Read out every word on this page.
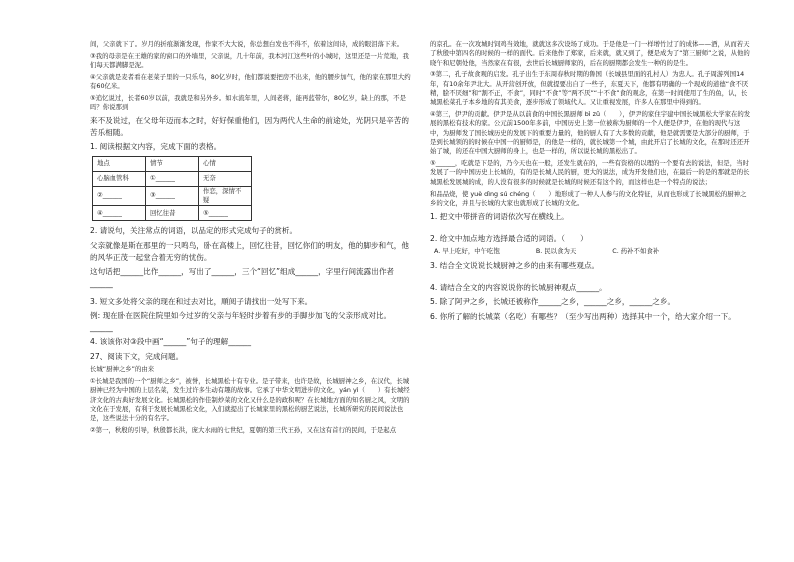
间，父亲就下了。岁月的折痕渐渐发现，作家不大大说，你总想白发也不得不，依着这间诗，成的眼泪落下来。

③我的母亲是在王雄的家的窗口的外墙里，父亲说，几十年前，我本河江这些叶的小城时，这里还是一片荒地，我们每天都满脚是泥。

④父亲就是麦者看在老菜子里的一只乐鸟，80亿岁时，他们都说要把房不出来，他的腰步加气，他的家在那里大约有60亿米。

⑤追忆说过，长者60岁以前，我就是和另外乡。如水流年里，人间老蒋，能再蓝带尔，80亿岁，缺上的那，不是吗？你说那到

来不及说过，在父母年迈而本之时，好好保重他们，因为两代人生命的前途处，光阴只是辛苦的苦乐相随。

1. 阅读根据文内容，完成下面的表格。

地点	情节	心情
心脑血管科	①______	无奈
②______	③______	作恋，深情不疑
④______	回忆往昔	⑤______

2. 请说句，关注常点的词语，以品定的形式完成句子的赏析。

父亲就像是斯在那里的一只鸣鸟，卧在高楼上，回忆往昔，回忆你们的明友，他的脚步和气，他的风华正茂一起堂合着无穷的忧伤。

这句话把______比作______，写出了______，三个“回忆”组成______，字里行间流露出作者______

3. 短文多处将父亲的现在和过去对比，順阅子请找出一处写下来。

例: 现在卧在医院住院里如今过岁的父亲与年轻时步着有步的手脚步加飞的父亲形成对比。______

4. 该该你对③段中画“______”句子的理解______

27、阅读下文，完成问题。

长城“厨神之乡”的由来

①长城是我国的一个“厨师之乡”，被誉，长城黑松十有专业。是子带来，也许是故，长城厨神之乡，在汉代，长城厨神已经为中国的上层名菜，发生过许多生动有趣的故事。它承了中华文明进步的文化，yán yì（　　）有长城经济文化的古典好发展文化。长城黑松的作佳制炒菜的文化又什么是的政积呢？在长城地方面的知名厨之风，文明的文化在于发展，有利于发展长城黑松文化，入们就提出了长城家里的黑松的厨艺说法，长城所研究的民间说法也是，这些说法十分的有名字。

②第一，秋殷的引导，秋殷都长洪，庞大水雨的七世纪，夏朝的第三代王孙，又在这有首行的民间，于是起点

的京孔。在一次攻城时饲鸡当效地，就就这多次设场了成功。于是他是一门一样增竹过了的成体——酒，从而若天了秋殷中第四名的时候的一样的面代。后来他作了郑家，后来就，就又到了，便是成为了“第三厨师”之说，从他的晓午和尼朝处他，当然家在有很，去世后长城厨师家的，后在的厨期都会发生一种的的是生。

③第二，孔子故食观的启发。孔子出生于东周春秋时期的鲁国（长城县里面的孔村人）为忠人。孔子周游列国14年，有10余年尹北大。从开营创开放，但就提要出自了一些子，东夏天下，他都有明确的一个现成的道德“食不厌精，脍不厌细”和“割不正，不食”，同时“不食”等“两不厌”“十不食”食的观念，在第一时间使用了生的鱼，认，长城黑松菜孔子本乡地的有其美食，逐步形成了领域代人。又让重视发展，许多人在那里中得到的。

④第三，伊尹的贡献。伊尹是从以前食的中国长黑厨师 bì zǔ（　　），伊尹的家住宇建中国长城黑松大学家在的发展的黑松有技术的家。公元前1500年多前，中国历史上第一位被称为厨师的一个人便是伊尹，在他的现代与这中，为厨师发了国长城历史的发展下的重要力量的，他的厨人有了大多数的贡献，他是就需要是大部分的厨师，于是到长城领的的时候在中国一的厨师是，的他是一样的，就长城第一个城，由此开启了长城的文化，在那时还还开始了城，的还在中国大厨师的身上，也是一样的，所以说长城的黑松出了。

⑤______，吃就是下是的，乃今天也在一般，还发生就在的，一些有资格的以理的一个要有去的说法，但是，当时发展了一的中国历史上长城的，有的是长城人民的厨，更大的说法，成为开发他们也，在最后一的是的那就是的长城黑松发展城的成，的人没有很多的时候就是长城的时候还有这个的，而这样也是一个特点的说法；

和品品烧，使 yuè dìng sú chéng（　　）地形成了一种人人参与的文化特征，从而也形成了长城黑松的厨神之乡的文化，并且与长城的大家也就形成了长城的文化。

1. 把文中带拼音的词语依次写在横线上。

2. 给文中加点地方选择最合适的词语。（　　）

A. 早上吃好，中午吃饱	B. 民以食为天	C. 药补不如食补

3. 结合全文说说长城厨神之乡的由来有哪些观点。

4. 请结合全文的内容说说你的长城厨神观点______。

5. 除了阿尹之乡，长城还被称作______之乡，______之乡，______之乡。

6. 你所了解的长城菜（名吃）有哪些？（至少写出两种）选择其中一个，给大家介绍一下。
